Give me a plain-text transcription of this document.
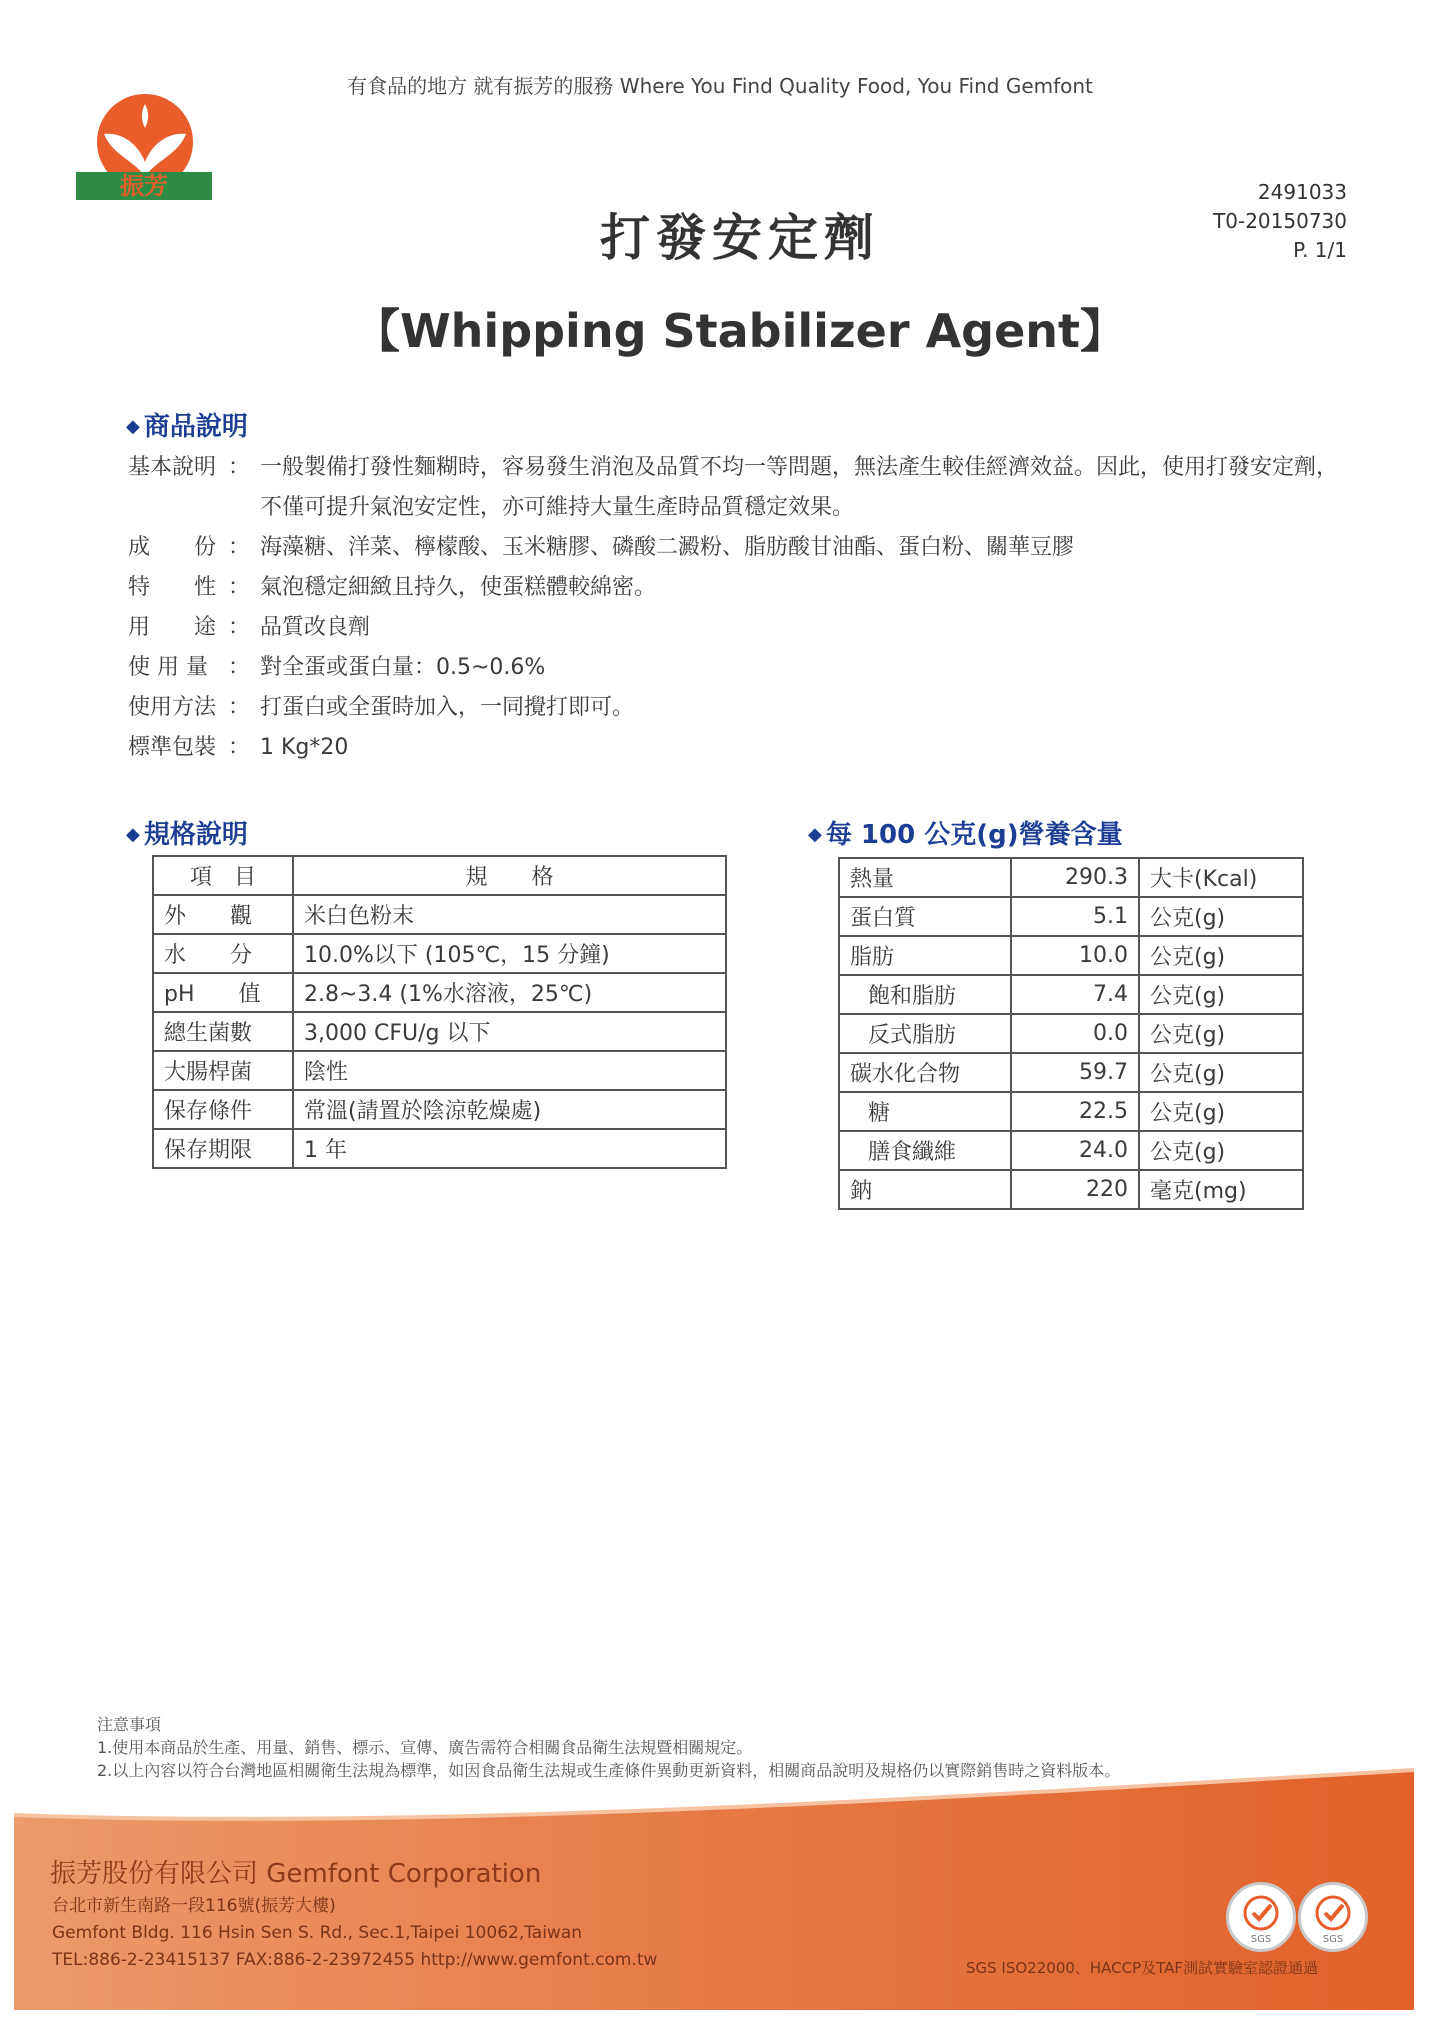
有食品的地方 就有振芳的服務 Where You Find Quality Food, You Find Gemfont
振芳	2491033
T0-20150730
P. 1/1
打發安定劑
【Whipping Stabilizer Agent】
◆ 商品說明
基本說明 ： 一般製備打發性麵糊時，容易發生消泡及品質不均一等問題，無法產生較佳經濟效益。因此，使用打發安定劑，不僅可提升氣泡安定性，亦可維持大量生產時品質穩定效果。
成　　份 ： 海藻糖、洋菜、檸檬酸、玉米糖膠、磷酸二澱粉、脂肪酸甘油酯、蛋白粉、關華豆膠
特　　性 ： 氣泡穩定細緻且持久，使蛋糕體較綿密。
用　　途 ： 品質改良劑
使 用 量 ： 對全蛋或蛋白量：0.5~0.6%
使用方法 ： 打蛋白或全蛋時加入，一同攪打即可。
標準包裝 ： 1 Kg*20
◆ 規格說明
項　目	規　　格
外　　觀	米白色粉末
水　　分	10.0%以下 (105℃，15 分鐘)
pH　　值	2.8~3.4 (1%水溶液，25℃)
總生菌數	3,000 CFU/g 以下
大腸桿菌	陰性
保存條件	常溫(請置於陰涼乾燥處)
保存期限	1 年
◆ 每 100 公克(g)營養含量
熱量	290.3	大卡(Kcal)
蛋白質	5.1	公克(g)
脂肪	10.0	公克(g)
飽和脂肪	7.4	公克(g)
反式脂肪	0.0	公克(g)
碳水化合物	59.7	公克(g)
糖	22.5	公克(g)
膳食纖維	24.0	公克(g)
鈉	220	毫克(mg)
注意事項
1.使用本商品於生產、用量、銷售、標示、宣傳、廣告需符合相關食品衛生法規暨相關規定。
2.以上內容以符合台灣地區相關衛生法規為標準，如因食品衛生法規或生產條件異動更新資料，相關商品說明及規格仍以實際銷售時之資料版本。
振芳股份有限公司 Gemfont Corporation
台北市新生南路一段116號(振芳大樓)
Gemfont Bldg. 116 Hsin Sen S. Rd., Sec.1,Taipei 10062,Taiwan
TEL:886-2-23415137 FAX:886-2-23972455 http://www.gemfont.com.tw
SGS	SGS
SGS ISO22000、HACCP及TAF測試實驗室認證通過
